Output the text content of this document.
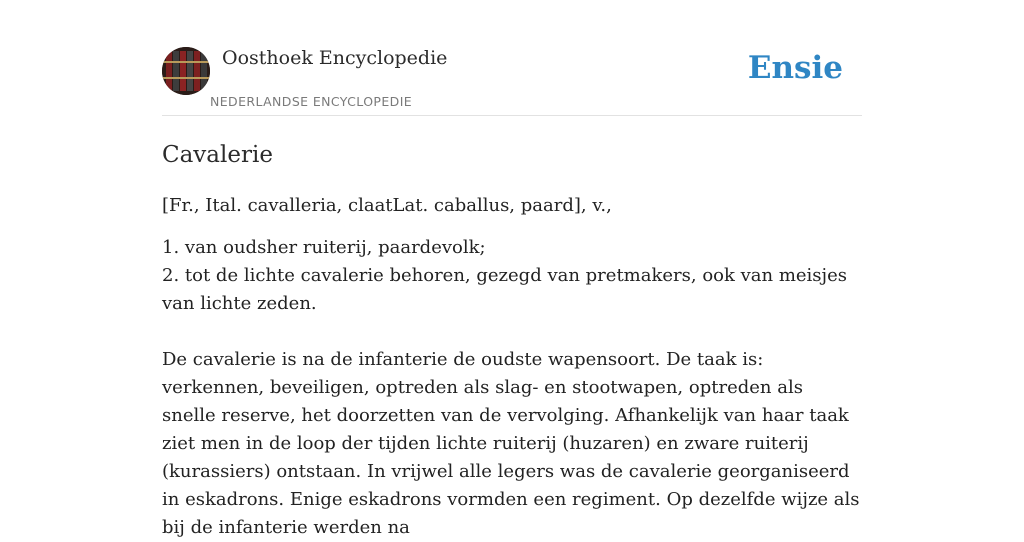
Oosthoek Encyclopedie
NEDERLANDSE ENCYCLOPEDIE
Ensie
Cavalerie

[Fr., Ital. cavalleria, claatLat. caballus, paard], v.,

1. van oudsher ruiterij, paardevolk;
2. tot de lichte cavalerie behoren, gezegd van pretmakers, ook van meisjes van lichte zeden.

De cavalerie is na de infanterie de oudste wapensoort. De taak is: verkennen, beveiligen, optreden als slag- en stootwapen, optreden als snelle reserve, het doorzetten van de vervolging. Afhankelijk van haar taak ziet men in de loop der tijden lichte ruiterij (huzaren) en zware ruiterij (kurassiers) ontstaan. In vrijwel alle legers was de cavalerie georganiseerd in eskadrons. Enige eskadrons vormden een regiment. Op dezelfde wijze als bij de infanterie werden na
